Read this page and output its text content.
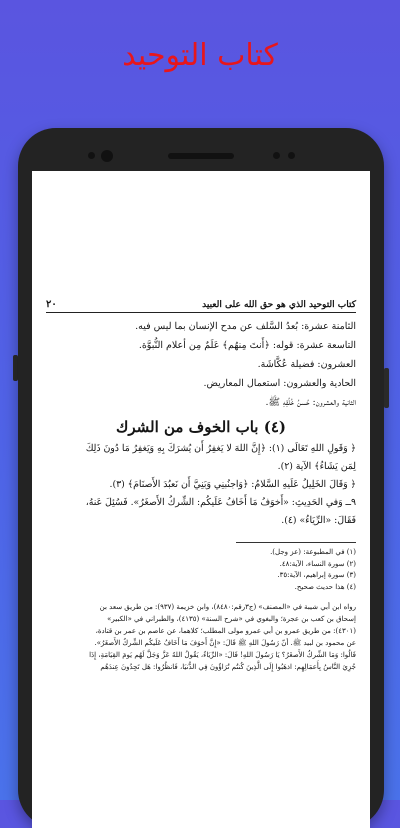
كتاب التوحيد
كتاب التوحيد الذي هو حق الله على العبيد
٢٠
الثامنة عشرة: بُعدُ السَّلف عن مدح الإنسان بما ليس فيه.
التاسعة عشرة: قوله: ﴿أَنتَ مِنهُم﴾ عَلَمٌ مِن أعلام النُّبوَّة.
العشرون: فضيلة عُكَّاشَة.
الحادية والعشرون: استعمال المعاريض.
الثانية والعشرون: حُسنُ خُلُقِهِ ﷺ.
(٤) باب الخوف من الشرك
﴿ وَقَولِ اللهِ تَعَالَى (١): ﴿إِنَّ اللهَ لا يَغفِرُ أَن يُشرَكَ بِهِ وَيَغفِرُ مَا دُونَ ذَلِكَ
لِمَن يَشَاءُ﴾ الآية (٢).
﴿ وَقَالَ الخَلِيلُ عَلَيهِ السَّلامُ: ﴿وَاجنُبنِي وَبَنِيَّ أَن نَعبُدَ الأَصنَامَ﴾ (٣).
٩ــ وَفي الحَدِيثِ: «أَخوَفُ مَا أَخَافُ عَلَيكُم: الشِّركُ الأَصغَرُ». فَسُئِلَ عَنهُ،
فَقَالَ: «الرِّيَاءُ» (٤).
(١) في المطبوعة: (عز وجل).
(٢) سورة النساء، الآية:٤٨.
(٣) سورة إبراهيم، الآية:٣٥.
(٤) هذا حديث صحيح.
رواه ابن أبي شيبة في «المصنف» (ج٣رقم:٨٤٨٠)، وابن خزيمة (٩٣٧): من طريق سعد بن
إسحاق بن كعب بن عجرة؛ والبغوي في «شرح السنة» (٤١٣٥)، والطبراني في «الكبير»
(٤٣٠١): من طريق عمرو بن أبي عمرو مولى المطلب؛ كلاهما، عن عاصم بن عمر بن قتادة،
عن محمود بن لبيد ﷺ. أنّ رَسُولَ اللهِ ﷺ قَالَ: «إِنَّ أَخوَفَ مَا أَخَافُ عَلَيكُم الشِّركُ الأَصغَرُ».
قَالُوا: وَمَا الشِّركُ الأَصغَرُ؟ يَا رَسُولَ اللهِ! قَالَ: «الرِّيَاءُ، يَقُولُ اللهُ عَزَّ وَجَلَّ لَهُم يَومَ القِيَامَةِ، إِذَا
جُزِيَ النَّاسُ بِأَعمَالِهِم: اذهَبُوا إِلَى الَّذِينَ كُنتُم تُرَاؤُونَ فِي الدُّنيَا، فَانظُرُوا: هَل تَجِدُونَ عِندَهُم
